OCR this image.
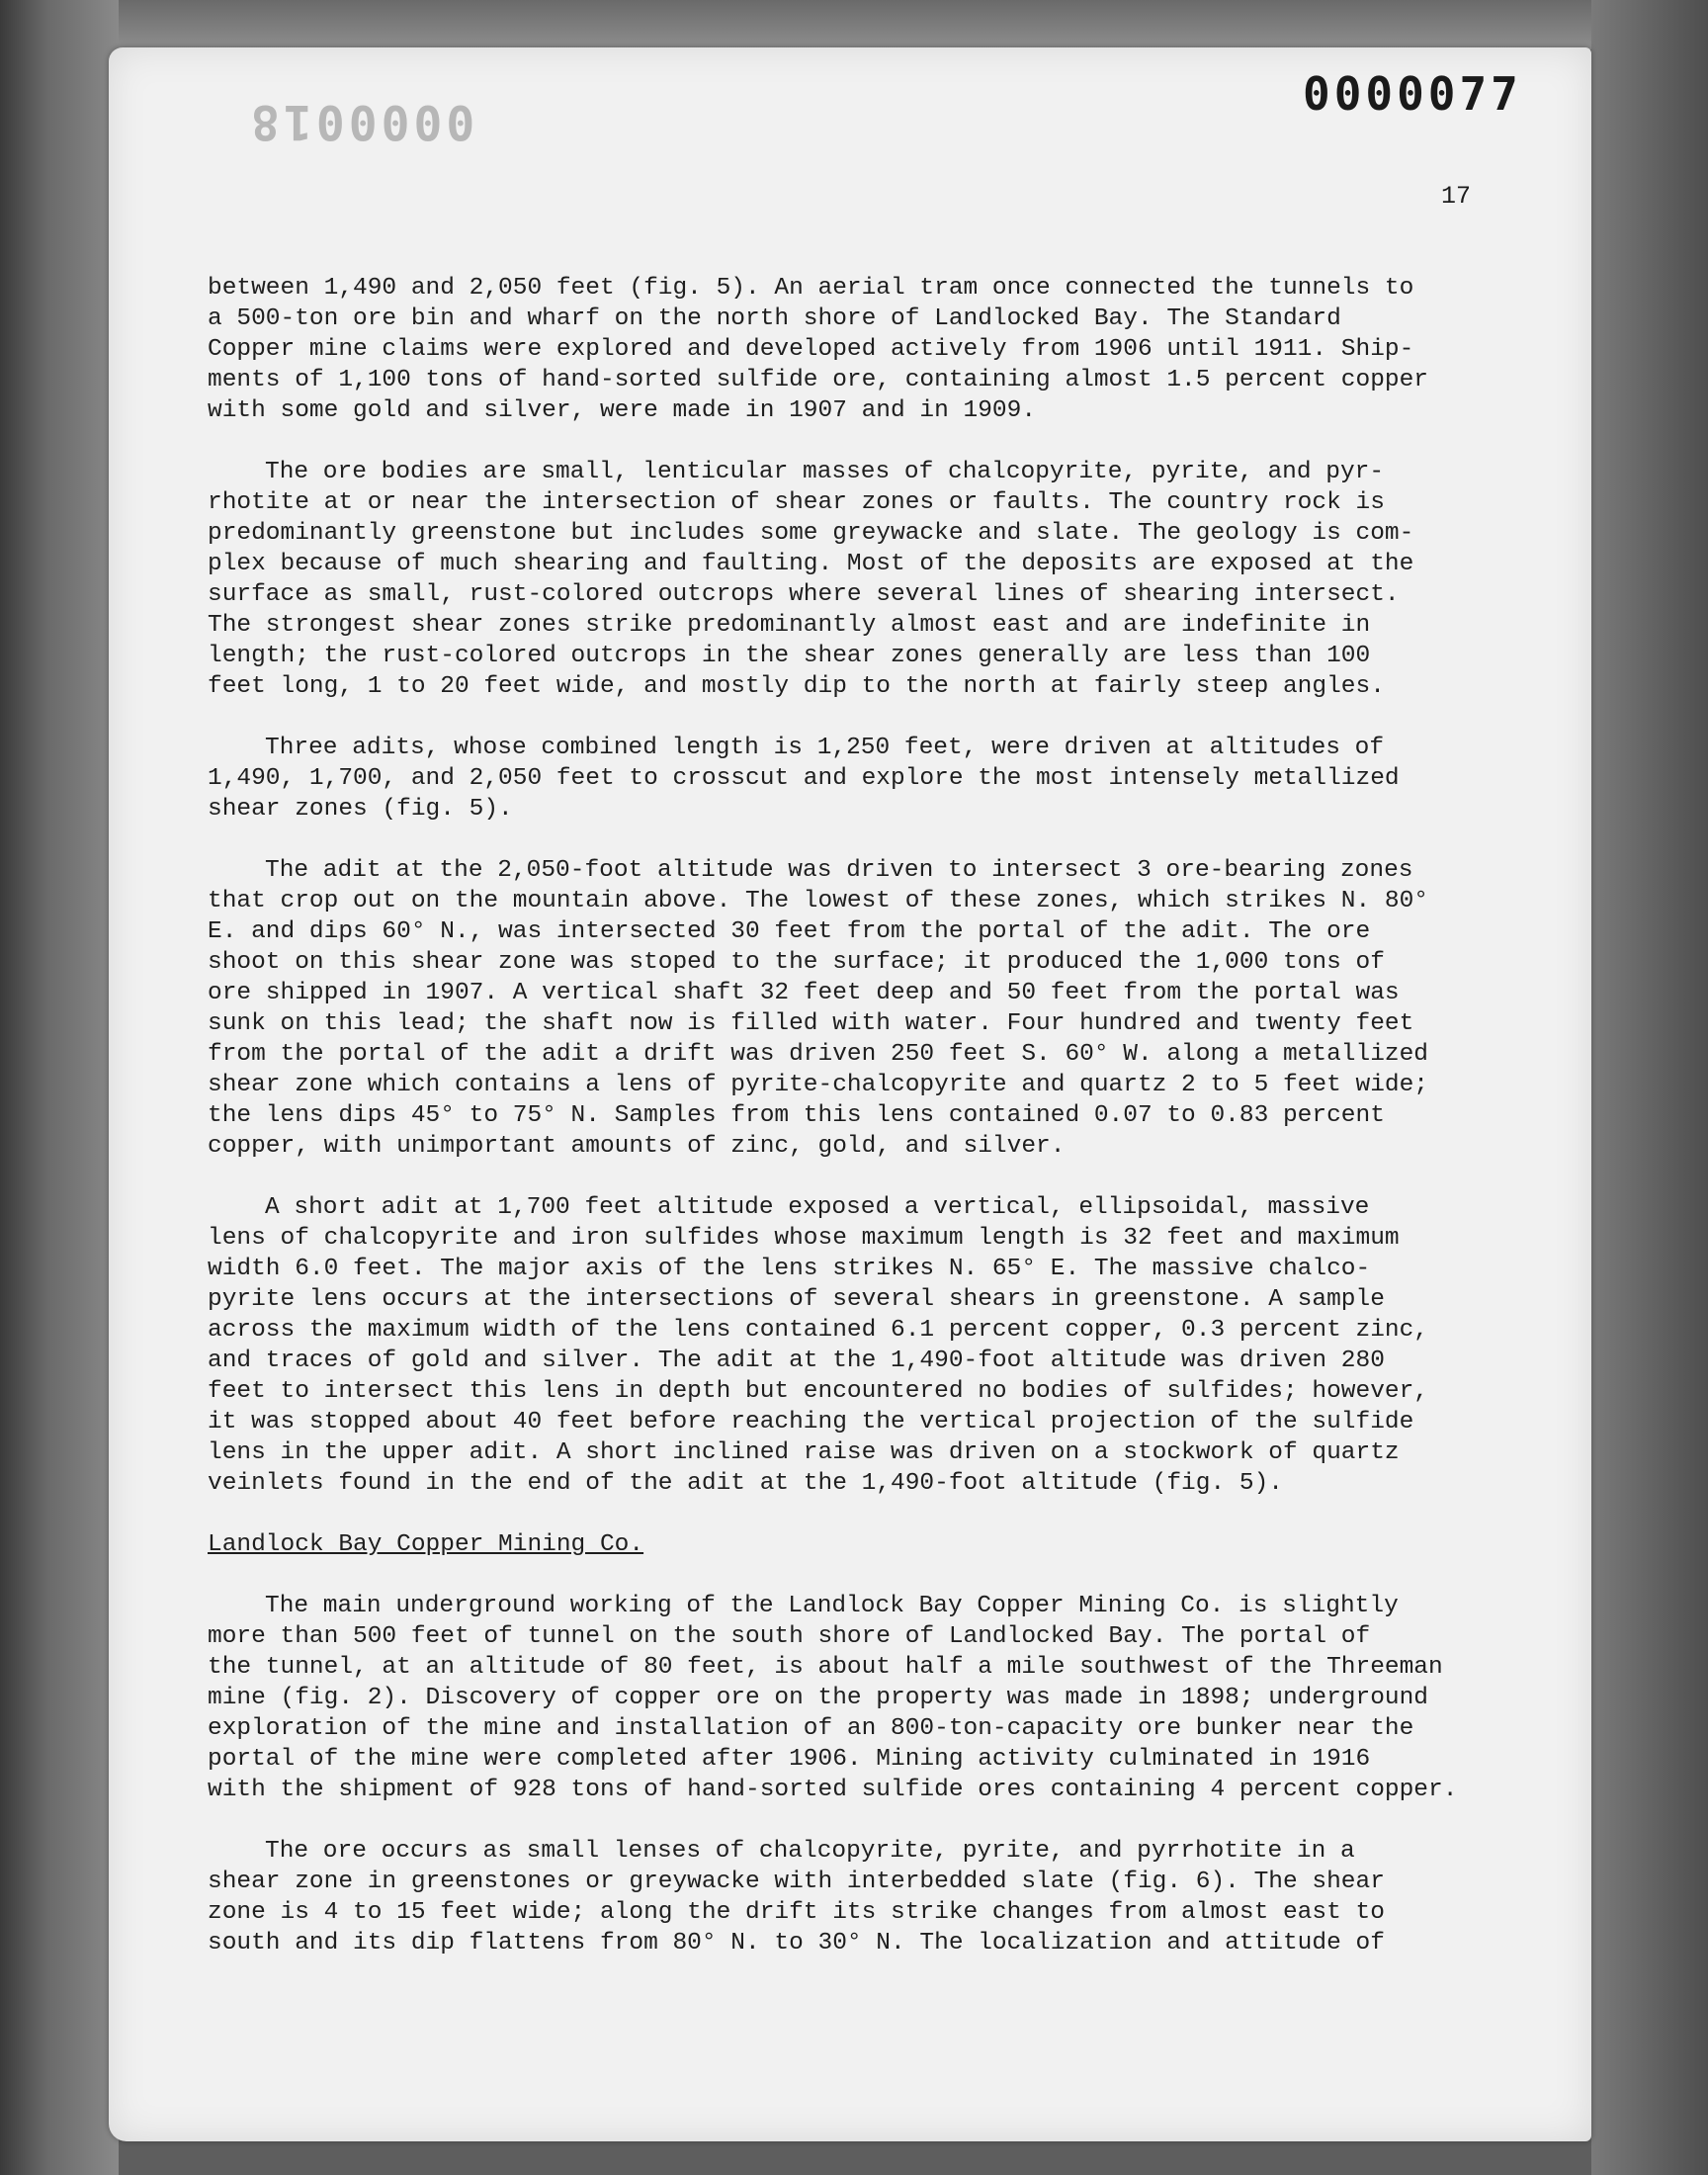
0000018	0000077
17

between 1,490 and 2,050 feet (fig. 5). An aerial tram once connected the tunnels to
a 500-ton ore bin and wharf on the north shore of Landlocked Bay. The Standard
Copper mine claims were explored and developed actively from 1906 until 1911. Ship-
ments of 1,100 tons of hand-sorted sulfide ore, containing almost 1.5 percent copper
with some gold and silver, were made in 1907 and in 1909.

The ore bodies are small, lenticular masses of chalcopyrite, pyrite, and pyr-
rhotite at or near the intersection of shear zones or faults. The country rock is
predominantly greenstone but includes some greywacke and slate. The geology is com-
plex because of much shearing and faulting. Most of the deposits are exposed at the
surface as small, rust-colored outcrops where several lines of shearing intersect.
The strongest shear zones strike predominantly almost east and are indefinite in
length; the rust-colored outcrops in the shear zones generally are less than 100
feet long, 1 to 20 feet wide, and mostly dip to the north at fairly steep angles.

Three adits, whose combined length is 1,250 feet, were driven at altitudes of
1,490, 1,700, and 2,050 feet to crosscut and explore the most intensely metallized
shear zones (fig. 5).

The adit at the 2,050-foot altitude was driven to intersect 3 ore-bearing zones
that crop out on the mountain above. The lowest of these zones, which strikes N. 80°
E. and dips 60° N., was intersected 30 feet from the portal of the adit. The ore
shoot on this shear zone was stoped to the surface; it produced the 1,000 tons of
ore shipped in 1907. A vertical shaft 32 feet deep and 50 feet from the portal was
sunk on this lead; the shaft now is filled with water. Four hundred and twenty feet
from the portal of the adit a drift was driven 250 feet S. 60° W. along a metallized
shear zone which contains a lens of pyrite-chalcopyrite and quartz 2 to 5 feet wide;
the lens dips 45° to 75° N. Samples from this lens contained 0.07 to 0.83 percent
copper, with unimportant amounts of zinc, gold, and silver.

A short adit at 1,700 feet altitude exposed a vertical, ellipsoidal, massive
lens of chalcopyrite and iron sulfides whose maximum length is 32 feet and maximum
width 6.0 feet. The major axis of the lens strikes N. 65° E. The massive chalco-
pyrite lens occurs at the intersections of several shears in greenstone. A sample
across the maximum width of the lens contained 6.1 percent copper, 0.3 percent zinc,
and traces of gold and silver. The adit at the 1,490-foot altitude was driven 280
feet to intersect this lens in depth but encountered no bodies of sulfides; however,
it was stopped about 40 feet before reaching the vertical projection of the sulfide
lens in the upper adit. A short inclined raise was driven on a stockwork of quartz
veinlets found in the end of the adit at the 1,490-foot altitude (fig. 5).

Landlock Bay Copper Mining Co.

The main underground working of the Landlock Bay Copper Mining Co. is slightly
more than 500 feet of tunnel on the south shore of Landlocked Bay. The portal of
the tunnel, at an altitude of 80 feet, is about half a mile southwest of the Threeman
mine (fig. 2). Discovery of copper ore on the property was made in 1898; underground
exploration of the mine and installation of an 800-ton-capacity ore bunker near the
portal of the mine were completed after 1906. Mining activity culminated in 1916
with the shipment of 928 tons of hand-sorted sulfide ores containing 4 percent copper.

The ore occurs as small lenses of chalcopyrite, pyrite, and pyrrhotite in a
shear zone in greenstones or greywacke with interbedded slate (fig. 6). The shear
zone is 4 to 15 feet wide; along the drift its strike changes from almost east to
south and its dip flattens from 80° N. to 30° N. The localization and attitude of
